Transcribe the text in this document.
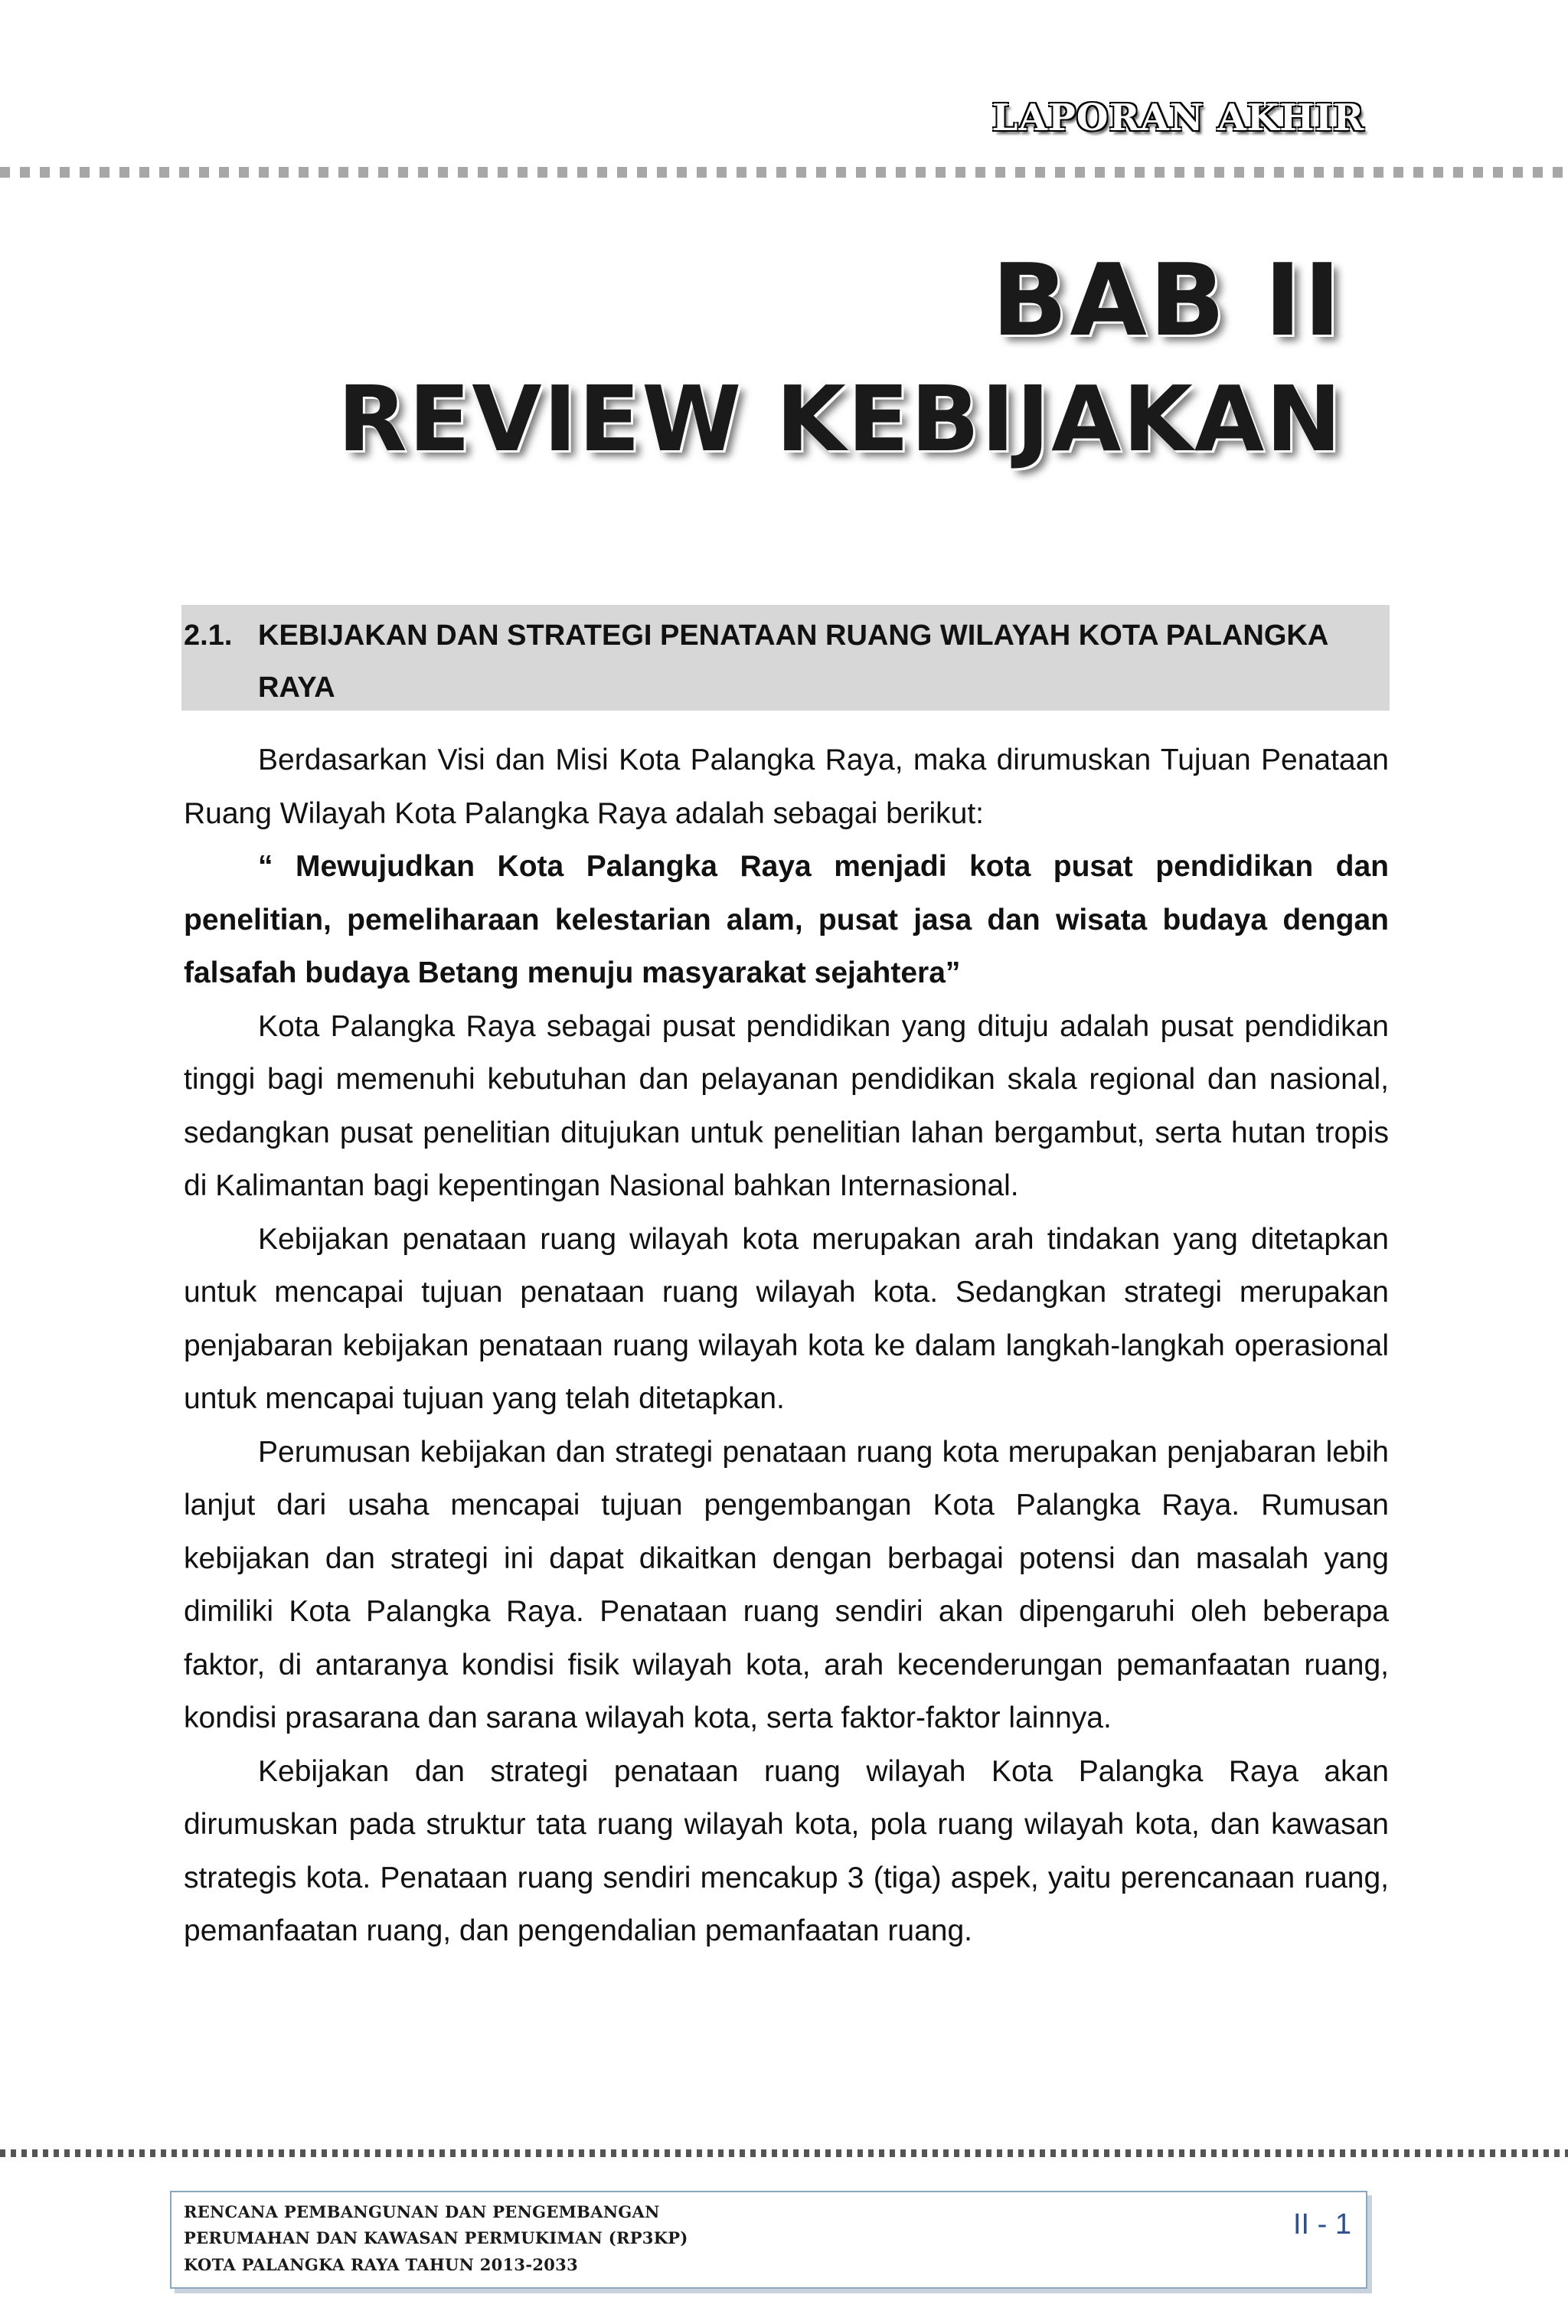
LAPORAN AKHIR
BAB II
REVIEW KEBIJAKAN
2.1. KEBIJAKAN DAN STRATEGI PENATAAN RUANG WILAYAH KOTA PALANGKA RAYA

Berdasarkan Visi dan Misi Kota Palangka Raya, maka dirumuskan Tujuan Penataan Ruang Wilayah Kota Palangka Raya adalah sebagai berikut:

“ Mewujudkan Kota Palangka Raya menjadi kota pusat pendidikan dan penelitian, pemeliharaan kelestarian alam, pusat jasa dan wisata budaya dengan falsafah budaya Betang menuju masyarakat sejahtera”

Kota Palangka Raya sebagai pusat pendidikan yang dituju adalah pusat pendidikan tinggi bagi memenuhi kebutuhan dan pelayanan pendidikan skala regional dan nasional, sedangkan pusat penelitian ditujukan untuk penelitian lahan bergambut, serta hutan tropis di Kalimantan bagi kepentingan Nasional bahkan Internasional.

Kebijakan penataan ruang wilayah kota merupakan arah tindakan yang ditetapkan untuk mencapai tujuan penataan ruang wilayah kota. Sedangkan strategi merupakan penjabaran kebijakan penataan ruang wilayah kota ke dalam langkah-langkah operasional untuk mencapai tujuan yang telah ditetapkan.

Perumusan kebijakan dan strategi penataan ruang kota merupakan penjabaran lebih lanjut dari usaha mencapai tujuan pengembangan Kota Palangka Raya. Rumusan kebijakan dan strategi ini dapat dikaitkan dengan berbagai potensi dan masalah yang dimiliki Kota Palangka Raya. Penataan ruang sendiri akan dipengaruhi oleh beberapa faktor, di antaranya kondisi fisik wilayah kota, arah kecenderungan pemanfaatan ruang, kondisi prasarana dan sarana wilayah kota, serta faktor-faktor lainnya.

Kebijakan dan strategi penataan ruang wilayah Kota Palangka Raya akan dirumuskan pada struktur tata ruang wilayah kota, pola ruang wilayah kota, dan kawasan strategis kota. Penataan ruang sendiri mencakup 3 (tiga) aspek, yaitu perencanaan ruang, pemanfaatan ruang, dan pengendalian pemanfaatan ruang.

RENCANA PEMBANGUNAN DAN PENGEMBANGAN
PERUMAHAN DAN KAWASAN PERMUKIMAN (RP3KP)
KOTA PALANGKA RAYA TAHUN 2013-2033
II - 1
